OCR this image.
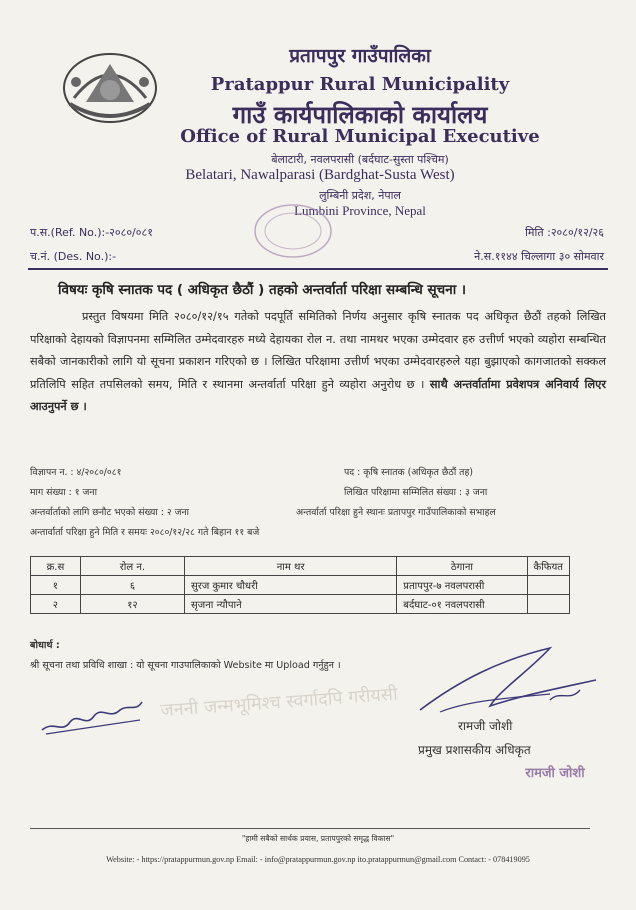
प्रतापपुर गाउँपालिका
Pratappur Rural Municipality
गाउँ कार्यपालिकाको कार्यालय
Office of Rural Municipal Executive
बेलाटारी, नवलपरासी (बर्दघाट-सुस्ता पश्चिम)
Belatari, Nawalparasi (Bardghat-Susta West)
लुम्बिनी प्रदेश, नेपाल
Lumbini Province, Nepal
प.स.(Ref. No.):-२०८०/०८१
च.नं. (Des. No.):-
मिति :२०८०/१२/२६
ने.स.११४४ चिल्लागा ३० सोमवार
विषयः कृषि स्नातक पद ( अधिकृत छैठौं ) तहको अन्तर्वार्ता परिक्षा सम्बन्धि सूचना ।
प्रस्तुत विषयमा मिति २०८०/१२/१५ गतेको पदपूर्ति समितिको निर्णय अनुसार कृषि स्नातक पद अधिकृत छैठौं तहको लिखित परिक्षाको देहायको विज्ञापनमा सम्मिलित उम्मेदवारहरु मध्ये देहायका रोल न. तथा नामथर भएका उम्मेदवार हरु उत्तीर्ण भएको व्यहोरा सम्बन्धित सबैको जानकारीको लागि यो सूचना प्रकाशन गरिएको छ । लिखित परिक्षामा उत्तीर्ण भएका उम्मेदवारहरुले यहा बुझाएको कागजातको सक्कल प्रतिलिपि सहित तपसिलको समय, मिति र स्थानमा अन्तर्वार्ता परिक्षा हुने व्यहोरा अनुरोध छ । साथै अन्तर्वार्तामा प्रवेशपत्र अनिवार्य लिएर आउनुपर्ने छ ।
जननी जन्मभूमिश्च स्वर्गादपि गरीयसी
विज्ञापन न. : ४/२०८०/०८१	पद : कृषि स्नातक (अधिकृत छैठौं तह)
माग संख्या : १ जना	लिखित परिक्षामा सम्मिलित संख्या : ३ जना
अन्तर्वार्ताको लागि छनौट भएको संख्या : २ जना	अन्तर्वार्ता परिक्षा हुने स्थानः प्रतापपुर गाउँपालिकाको सभाहल
अन्तार्वार्ता परिक्षा हुने मिति र समयः २०८०/१२/२८ गते बिहान ११ बजे
क्र.स	रोल न.	नाम थर	ठेगाना	कैफियत
१	६	सुरज कुमार चौधरी	प्रतापपुर-७ नवलपरासी	
२	१२	सृजना न्यौपाने	बर्दघाट-०१ नवलपरासी	
बोधार्थ :
श्री सूचना तथा प्रविधि शाखा : यो सूचना गाउपालिकाको Website मा Upload गर्नुहुन ।
रामजी जोशी
प्रमुख प्रशासकीय अधिकृत
रामजी जोशी
"हामी सबैको सार्थक प्रयास, प्रतापपुरको समृद्ध विकास"
Website: - https://pratappurmun.gov.np Email: - info@pratappurmun.gov.np ito.pratappurmun@gmail.com Contact: - 078419095
